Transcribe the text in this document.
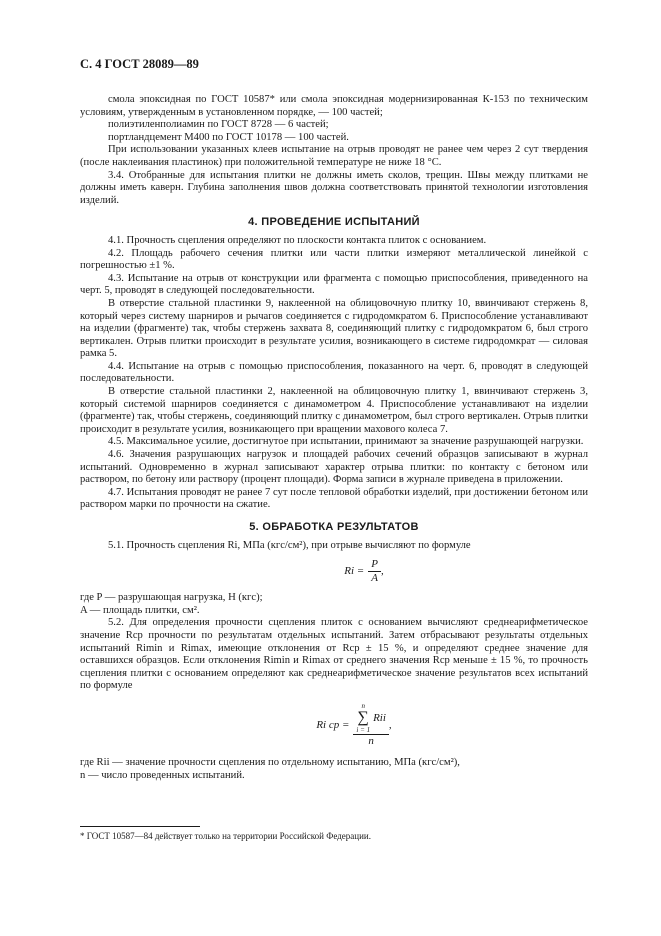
С. 4 ГОСТ 28089—89

смола эпоксидная по ГОСТ 10587* или смола эпоксидная модернизированная К-153 по техническим условиям, утвержденным в установленном порядке, — 100 частей;

полиэтиленполиамин по ГОСТ 8728 — 6 частей;

портландцемент М400 по ГОСТ 10178 — 100 частей.

При использовании указанных клеев испытание на отрыв проводят не ранее чем через 2 сут твердения (после наклеивания пластинок) при положительной температуре не ниже 18 °С.

3.4. Отобранные для испытания плитки не должны иметь сколов, трещин. Швы между плитками не должны иметь каверн. Глубина заполнения швов должна соответствовать принятой технологии изготовления изделий.

4. ПРОВЕДЕНИЕ ИСПЫТАНИЙ

4.1. Прочность сцепления определяют по плоскости контакта плиток с основанием.

4.2. Площадь рабочего сечения плитки или части плитки измеряют металлической линейкой с погрешностью ±1 %.

4.3. Испытание на отрыв от конструкции или фрагмента с помощью приспособления, приведенного на черт. 5, проводят в следующей последовательности.

В отверстие стальной пластинки 9, наклеенной на облицовочную плитку 10, ввинчивают стержень 8, который через систему шарниров и рычагов соединяется с гидродомкратом 6. Приспособление устанавливают на изделии (фрагменте) так, чтобы стержень захвата 8, соединяющий плитку с гидродомкратом 6, был строго вертикален. Отрыв плитки происходит в результате усилия, возникающего в системе гидродомкрат — силовая рамка 5.

4.4. Испытание на отрыв с помощью приспособления, показанного на черт. 6, проводят в следующей последовательности.

В отверстие стальной пластинки 2, наклеенной на облицовочную плитку 1, ввинчивают стержень 3, который системой шарниров соединяется с динамометром 4. Приспособление устанавливают на изделии (фрагменте) так, чтобы стержень, соединяющий плитку с динамометром, был строго вертикален. Отрыв плитки происходит в результате усилия, возникающего при вращении махового колеса 7.

4.5. Максимальное усилие, достигнутое при испытании, принимают за значение разрушающей нагрузки.

4.6. Значения разрушающих нагрузок и площадей рабочих сечений образцов записывают в журнал испытаний. Одновременно в журнал записывают характер отрыва плитки: по контакту с бетоном или раствором, по бетону или раствору (процент площади). Форма записи в журнале приведена в приложении.

4.7. Испытания проводят не ранее 7 сут после тепловой обработки изделий, при достижении бетоном или раствором марки по прочности на сжатие.

5. ОБРАБОТКА РЕЗУЛЬТАТОВ

5.1. Прочность сцепления Ri, МПа (кгс/см²), при отрыве вычисляют по формуле

$Ri = \frac{P}{A}$ ,

где P — разрушающая нагрузка, Н (кгс);

A — площадь плитки, см².

5.2. Для определения прочности сцепления плиток с основанием вычисляют среднеарифметическое значение Rср прочности по результатам отдельных испытаний. Затем отбрасывают результаты отдельных испытаний Rimin и Rimax, имеющие отклонения от Rср ± 15 %, и определяют среднее значение для оставшихся образцов. Если отклонения Rimin и Rimax от среднего значения Rср меньше ± 15 %, то прочность сцепления плитки с основанием определяют как среднеарифметическое значение результатов всех испытаний по формуле

Ri ср = n
∑
i = 1
Rii
n ,

где Rii — значение прочности сцепления по отдельному испытанию, МПа (кгс/см²),

n — число проведенных испытаний.

* ГОСТ 10587—84 действует только на территории Российской Федерации.
